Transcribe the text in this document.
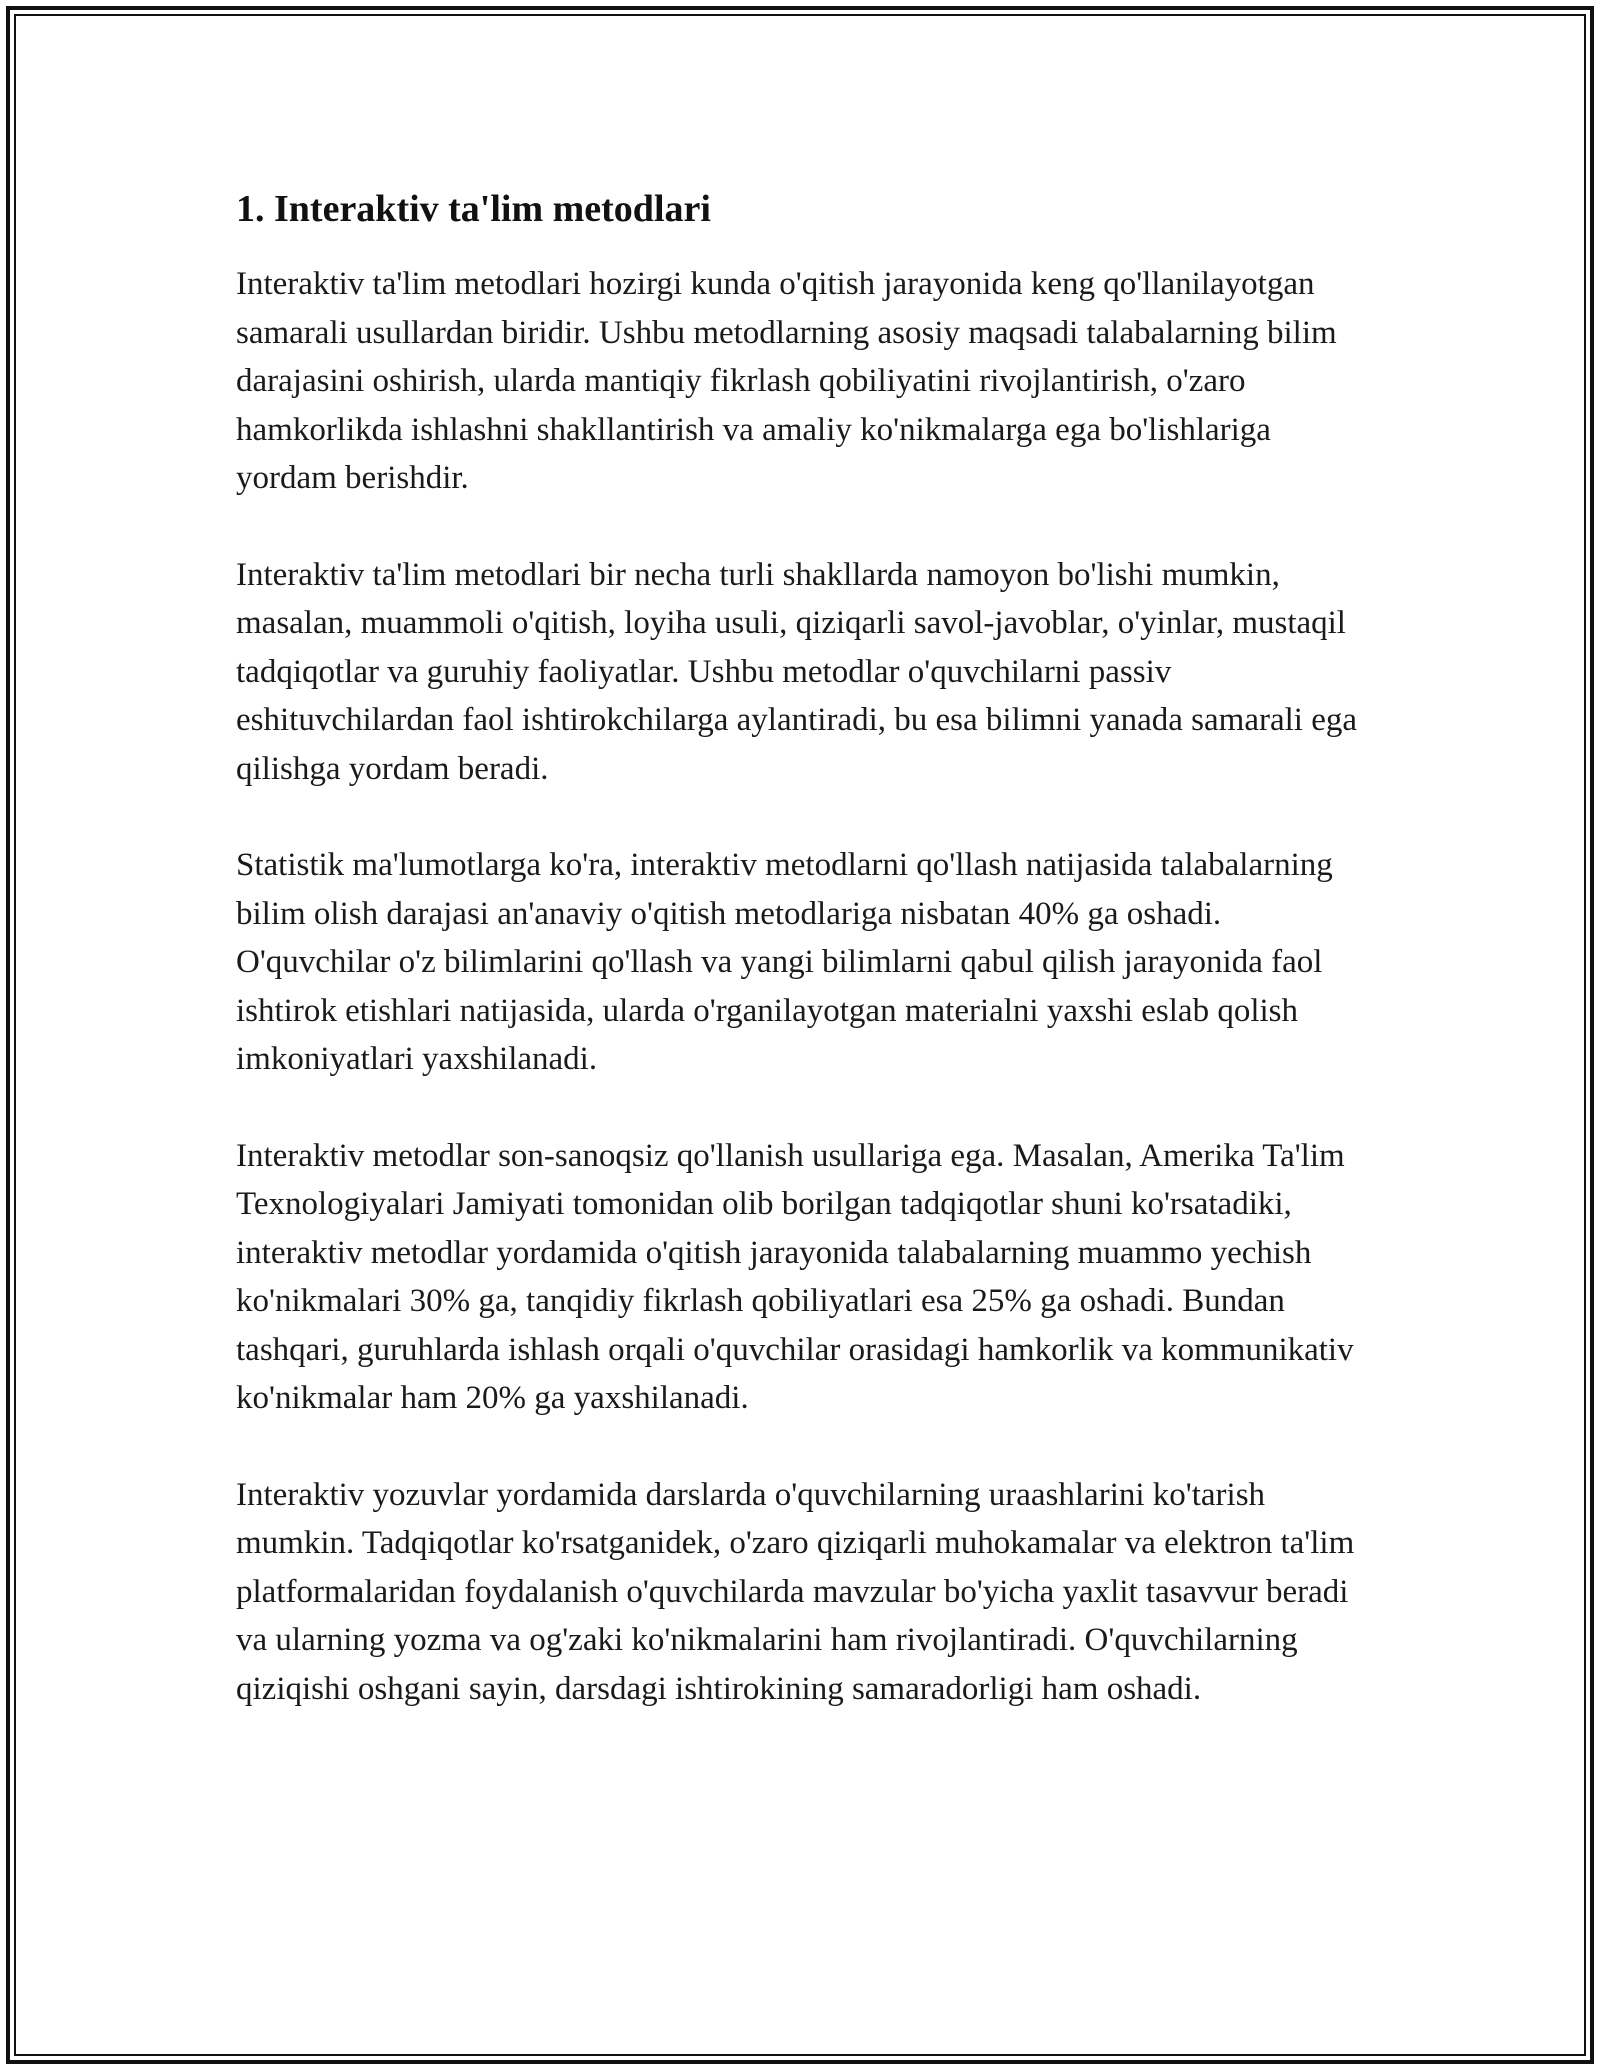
1. Interaktiv ta'lim metodlari

Interaktiv ta'lim metodlari hozirgi kunda o'qitish jarayonida keng qo'llanilayotgan samarali usullardan biridir. Ushbu metodlarning asosiy maqsadi talabalarning bilim darajasini oshirish, ularda mantiqiy fikrlash qobiliyatini rivojlantirish, o'zaro hamkorlikda ishlashni shakllantirish va amaliy ko'nikmalarga ega bo'lishlariga yordam berishdir.

Interaktiv ta'lim metodlari bir necha turli shakllarda namoyon bo'lishi mumkin, masalan, muammoli o'qitish, loyiha usuli, qiziqarli savol-javoblar, o'yinlar, mustaqil tadqiqotlar va guruhiy faoliyatlar. Ushbu metodlar o'quvchilarni passiv eshituvchilardan faol ishtirokchilarga aylantiradi, bu esa bilimni yanada samarali ega qilishga yordam beradi.

Statistik ma'lumotlarga ko'ra, interaktiv metodlarni qo'llash natijasida talabalarning bilim olish darajasi an'anaviy o'qitish metodlariga nisbatan 40% ga oshadi. O'quvchilar o'z bilimlarini qo'llash va yangi bilimlarni qabul qilish jarayonida faol ishtirok etishlari natijasida, ularda o'rganilayotgan materialni yaxshi eslab qolish imkoniyatlari yaxshilanadi.

Interaktiv metodlar son-sanoqsiz qo'llanish usullariga ega. Masalan, Amerika Ta'lim Texnologiyalari Jamiyati tomonidan olib borilgan tadqiqotlar shuni ko'rsatadiki, interaktiv metodlar yordamida o'qitish jarayonida talabalarning muammo yechish ko'nikmalari 30% ga, tanqidiy fikrlash qobiliyatlari esa 25% ga oshadi. Bundan tashqari, guruhlarda ishlash orqali o'quvchilar orasidagi hamkorlik va kommunikativ ko'nikmalar ham 20% ga yaxshilanadi.

Interaktiv yozuvlar yordamida darslarda o'quvchilarning uraashlarini ko'tarish mumkin. Tadqiqotlar ko'rsatganidek, o'zaro qiziqarli muhokamalar va elektron ta'lim platformalaridan foydalanish o'quvchilarda mavzular bo'yicha yaxlit tasavvur beradi va ularning yozma va og'zaki ko'nikmalarini ham rivojlantiradi. O'quvchilarning qiziqishi oshgani sayin, darsdagi ishtirokining samaradorligi ham oshadi.
